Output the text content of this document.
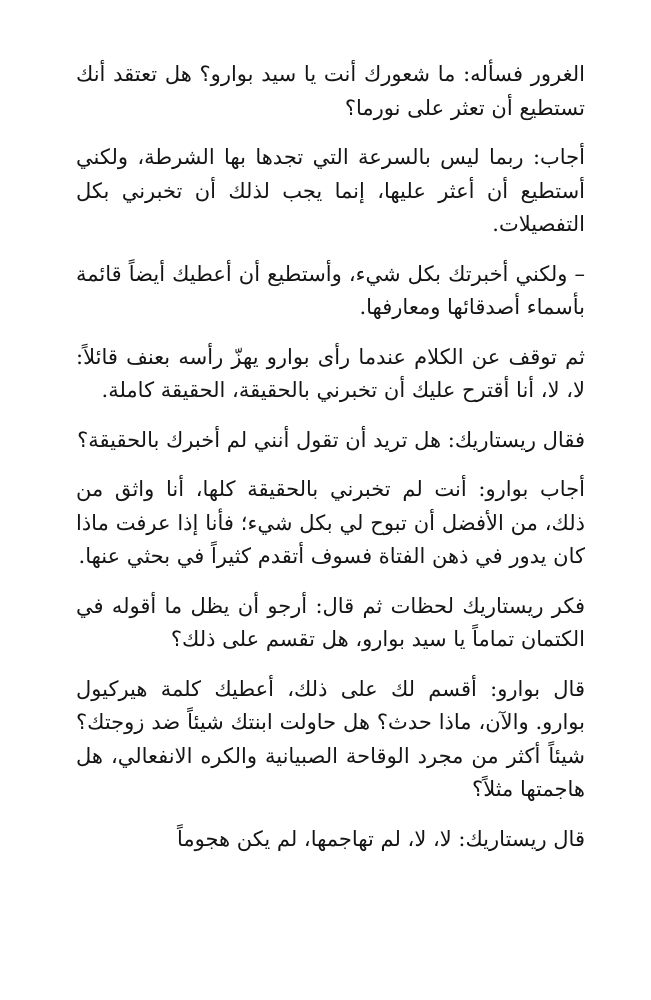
الغرور فسأله: ما شعورك أنت يا سيد بوارو؟ هل تعتقد أنك تستطيع أن تعثر على نورما؟

أجاب: ربما ليس بالسرعة التي تجدها بها الشرطة، ولكني أستطيع أن أعثر عليها، إنما يجب لذلك أن تخبرني بكل التفصيلات.

– ولكني أخبرتك بكل شيء، وأستطيع أن أعطيك أيضاً قائمة بأسماء أصدقائها ومعارفها.

ثم توقف عن الكلام عندما رأى بوارو يهزّ رأسه بعنف قائلاً: لا، لا، أنا أقترح عليك أن تخبرني بالحقيقة، الحقيقة كاملة.

فقال ريستاريك: هل تريد أن تقول أنني لم أخبرك بالحقيقة؟

أجاب بوارو: أنت لم تخبرني بالحقيقة كلها، أنا واثق من ذلك، من الأفضل أن تبوح لي بكل شيء؛ فأنا إذا عرفت ماذا كان يدور في ذهن الفتاة فسوف أتقدم كثيراً في بحثي عنها.

فكر ريستاريك لحظات ثم قال: أرجو أن يظل ما أقوله في الكتمان تماماً يا سيد بوارو، هل تقسم على ذلك؟

قال بوارو: أقسم لك على ذلك، أعطيك كلمة هيركيول بوارو. والآن، ماذا حدث؟ هل حاولت ابنتك شيئاً ضد زوجتك؟ شيئاً أكثر من مجرد الوقاحة الصبيانية والكره الانفعالي، هل هاجمتها مثلاً؟

قال ريستاريك: لا، لا، لم تهاجمها، لم يكن هجوماً
